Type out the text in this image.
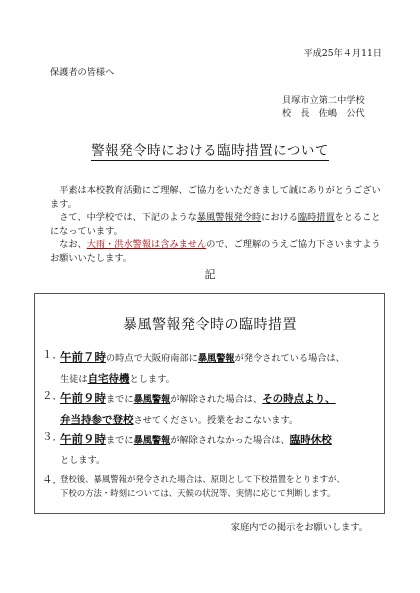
平成25年４月11日
保護者の皆様へ
貝塚市立第二中学校
校　長　佐嶋　公代
警報発令時における臨時措置について

平素は本校教育活動にご理解、ご協力をいただきまして誠にありがとうございます。

さて、中学校では、下記のような暴風警報発令時における臨時措置をとることになっています。

なお、大雨・洪水警報は含みませんので、ご理解のうえご協力下さいますようお願いいたします。

記
暴風警報発令時の臨時措置
１．
午前７時の時点で大阪府南部に暴風警報が発令されている場合は、
生徒は自宅待機とします。
２．
午前９時までに暴風警報が解除された場合は、その時点より、
弁当持参で登校させてください。授業をおこないます。
３．
午前９時までに暴風警報が解除されなかった場合は、臨時休校
とします。
４．
登校後、暴風警報が発令された場合は、原則として下校措置をとりますが、
下校の方法・時刻については、天候の状況等、実情に応じて判断します。
家庭内での掲示をお願いします。
